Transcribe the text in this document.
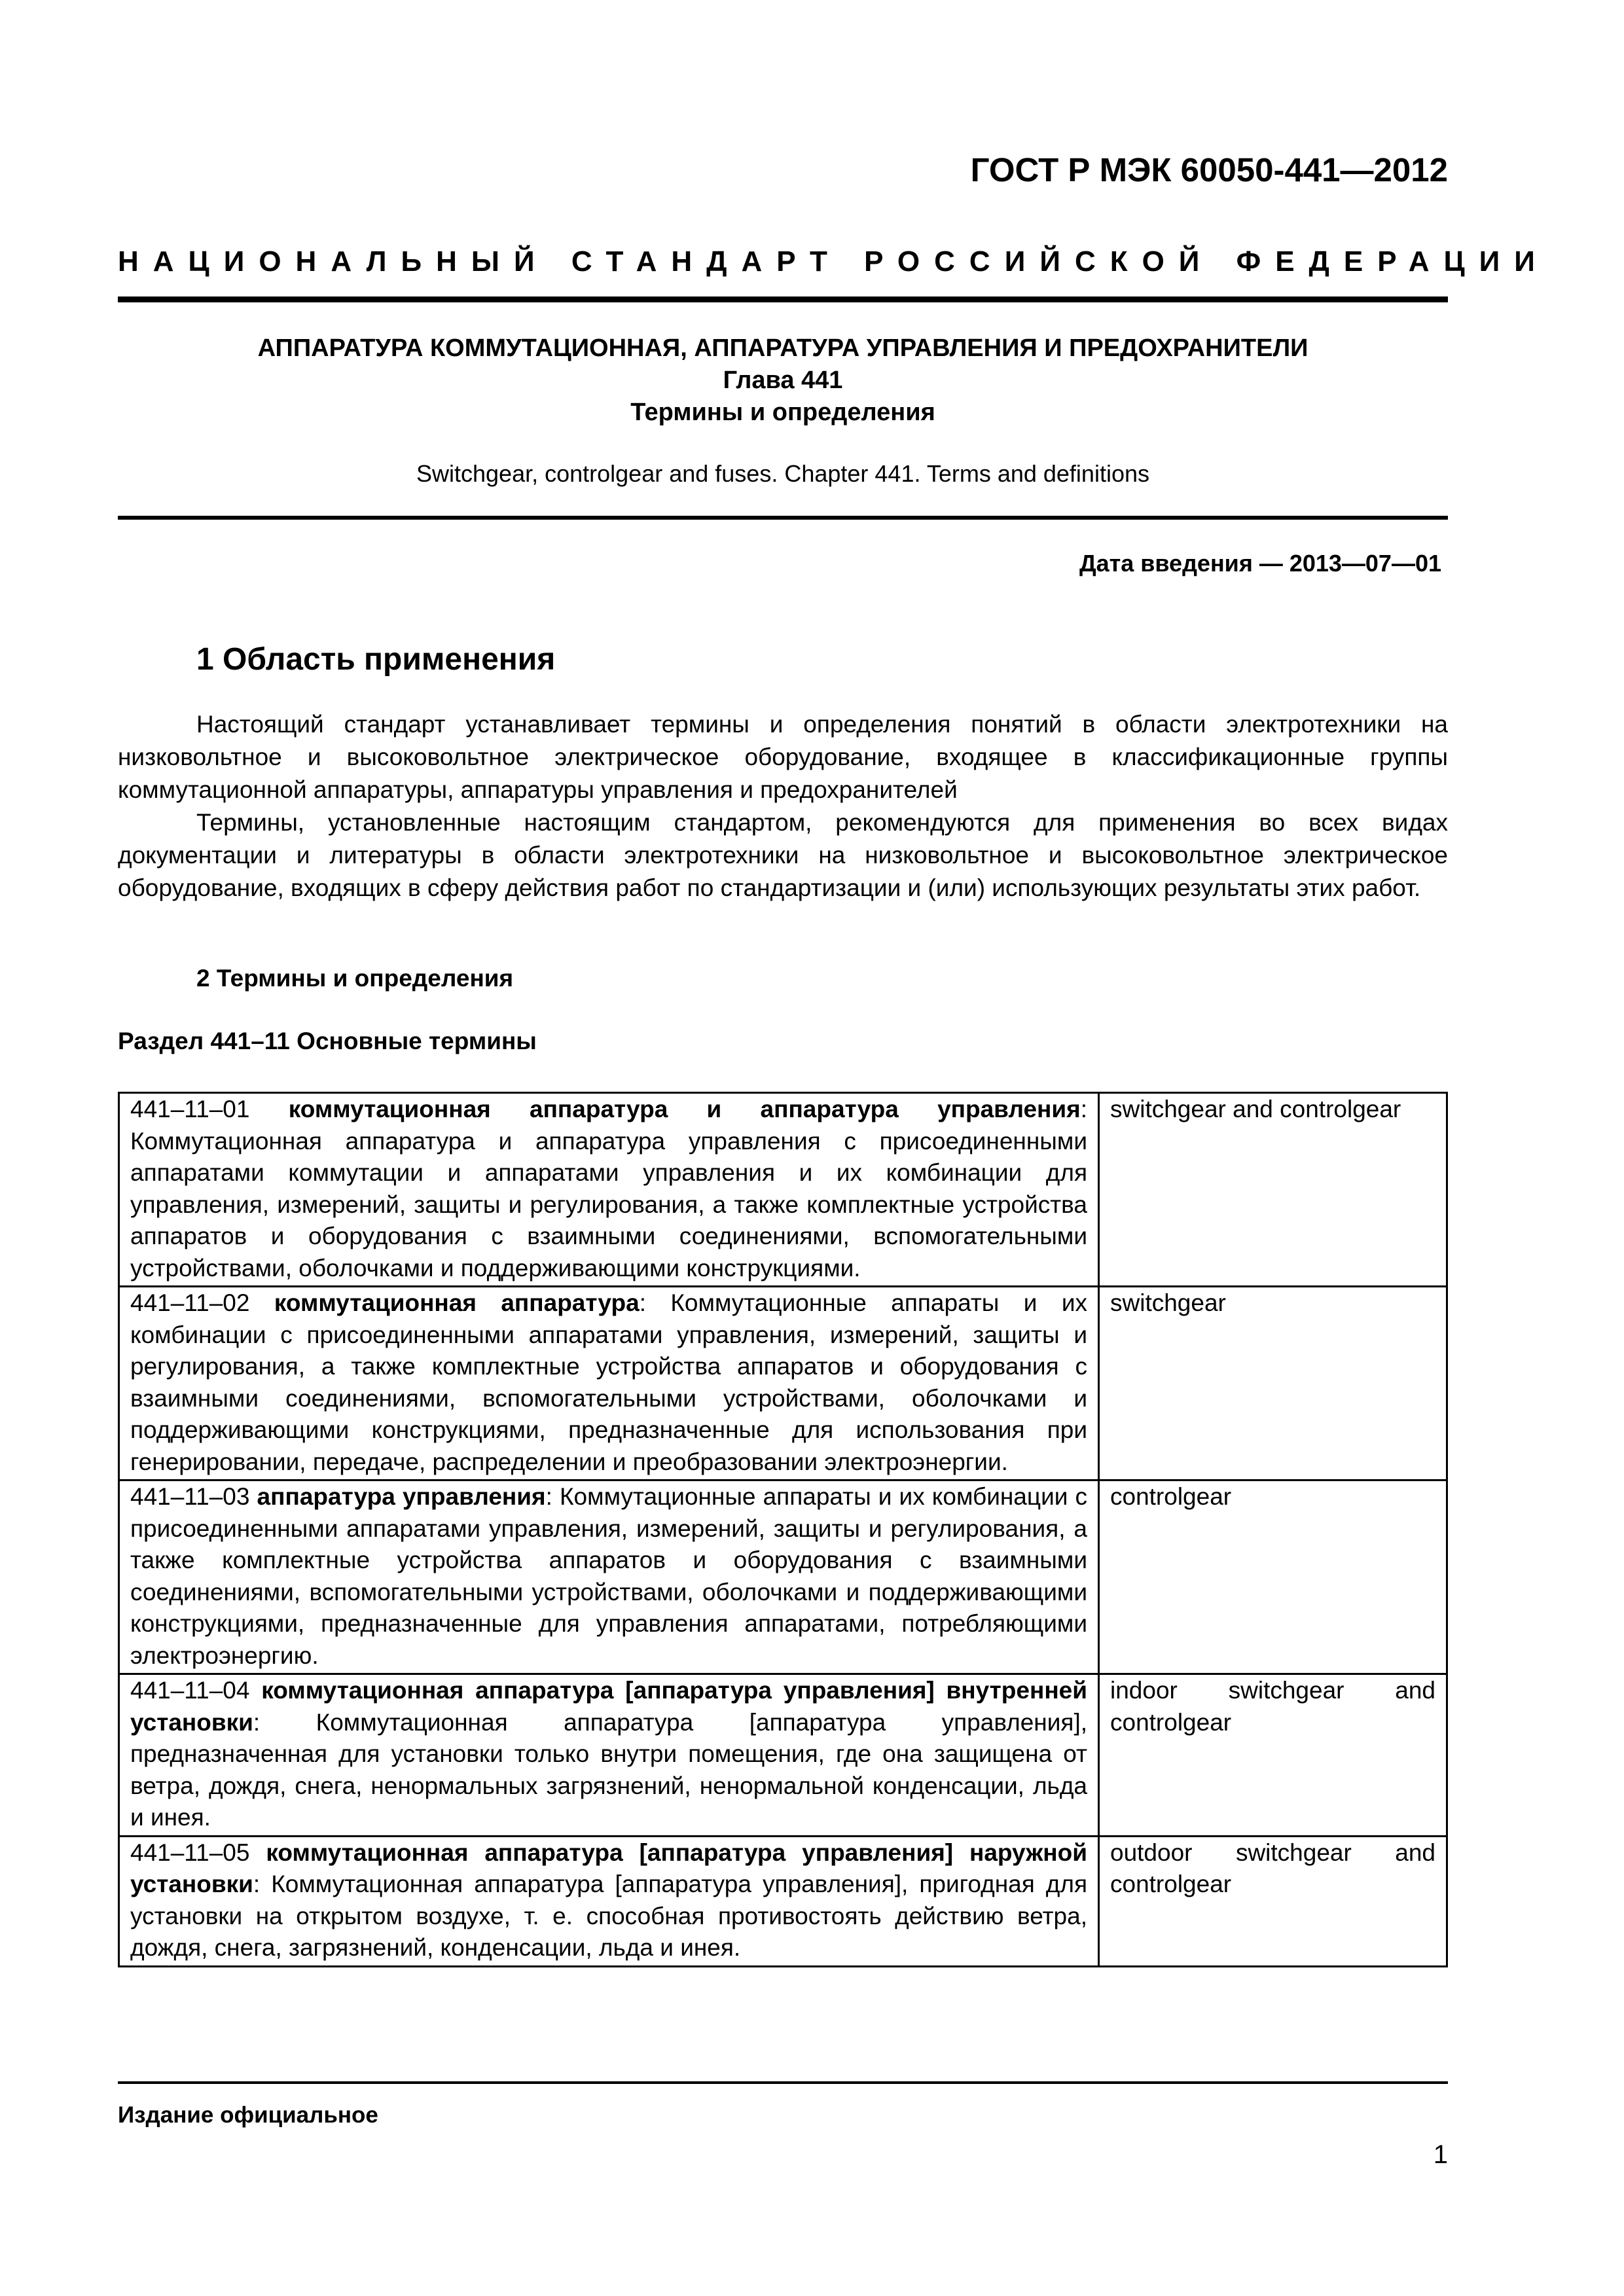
ГОСТ Р МЭК 60050-441—2012
НАЦИОНАЛЬНЫЙ СТАНДАРТ РОССИЙСКОЙ ФЕДЕРАЦИИ
АППАРАТУРА КОММУТАЦИОННАЯ, АППАРАТУРА УПРАВЛЕНИЯ И ПРЕДОХРАНИТЕЛИ
Глава 441
Термины и определения
Switchgear, controlgear and fuses. Chapter 441. Terms and definitions
Дата введения — 2013—07—01
1 Область применения

Настоящий стандарт устанавливает термины и определения понятий в области электротехники на низковольтное и высоковольтное электрическое оборудование, входящее в классификационные группы коммутационной аппаратуры, аппаратуры управления и предохранителей

Термины, установленные настоящим стандартом, рекомендуются для применения во всех видах документации и литературы в области электротехники на низковольтное и высоковольтное электрическое оборудование, входящих в сферу действия работ по стандартизации и (или) использующих результаты этих работ.

2 Термины и определения
Раздел 441–11 Основные термины
441–11–01 коммутационная аппаратура и аппаратура управления: Коммутационная аппаратура и аппаратура управления с присоединенными аппаратами коммутации и аппаратами управления и их комбинации для управления, измерений, защиты и регулирования, а также комплектные устройства аппаратов и оборудования с взаимными соединениями, вспомогательными устройствами, оболочками и поддерживающими конструкциями.	switchgear and controlgear
441–11–02 коммутационная аппаратура: Коммутационные аппараты и их комбинации с присоединенными аппаратами управления, измерений, защиты и регулирования, а также комплектные устройства аппаратов и оборудования с взаимными соединениями, вспомогательными устройствами, оболочками и поддерживающими конструкциями, предназначенные для использования при генерировании, передаче, распределении и преобразовании электроэнергии.	switchgear
441–11–03 аппаратура управления: Коммутационные аппараты и их комбинации с присоединенными аппаратами управления, измерений, защиты и регулирования, а также комплектные устройства аппаратов и оборудования с взаимными соединениями, вспомогательными устройствами, оболочками и поддерживающими конструкциями, предназначенные для управления аппаратами, потребляющими электроэнергию.	controlgear
441–11–04 коммутационная аппаратура [аппаратура управления] внутренней установки: Коммутационная аппаратура [аппаратура управления], предназначенная для установки только внутри помещения, где она защищена от ветра, дождя, снега, ненормальных загрязнений, ненормальной конденсации, льда и инея.	indoor switchgear and controlgear
441–11–05 коммутационная аппаратура [аппаратура управления] наружной установки: Коммутационная аппаратура [аппаратура управления], пригодная для установки на открытом воздухе, т. е. способная противостоять действию ветра, дождя, снега, загрязнений, конденсации, льда и инея.	outdoor switchgear and controlgear
Издание официальное
1
